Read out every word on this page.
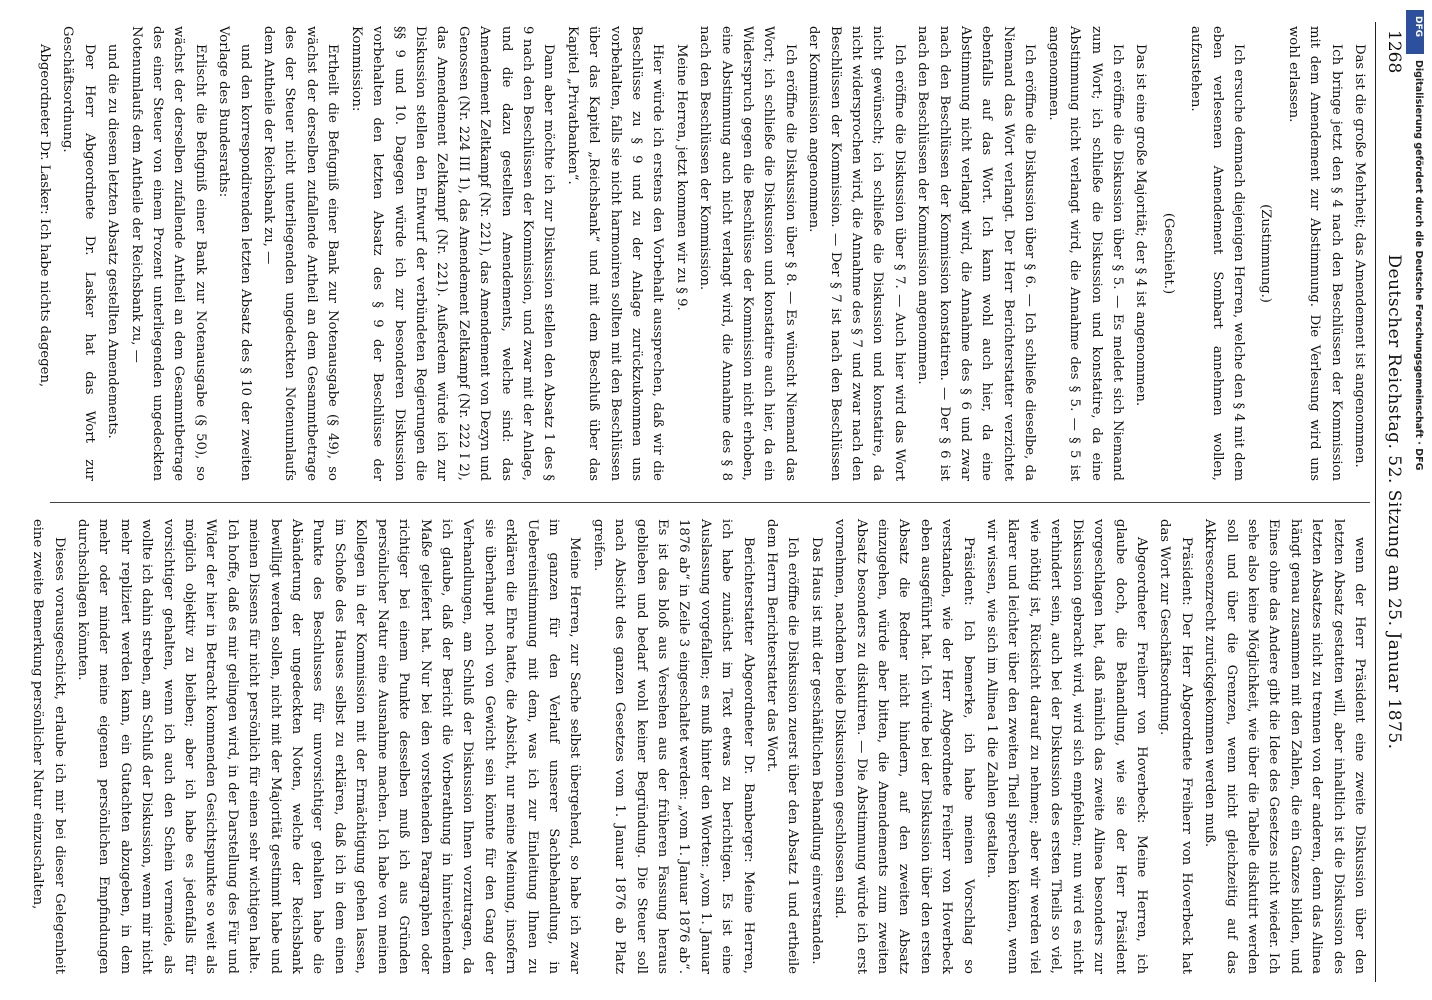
1268
Deutscher Reichstag. 52. Sitzung am 25. Januar 1875.

Das ist die große Mehrheit; das Amendement ist angenommen.

Ich bringe jetzt den § 4 nach den Beschlüssen der Kommission mit dem Amendement zur Abstimmung. Die Verlesung wird uns wohl erlassen.

(Zustimmung.)

Ich ersuche demnach diejenigen Herren, welche den § 4 mit dem eben verlesenen Amendement Sombart annehmen wollen, aufzustehen.

(Geschieht.)

Das ist eine große Majorität; der § 4 ist angenommen.

Ich eröffne die Diskussion über § 5. — Es meldet sich Niemand zum Wort; ich schließe die Diskussion und konstatire, da eine Abstimmung nicht verlangt wird, die Annahme des § 5. — § 5 ist angenommen.

Ich eröffne die Diskussion über § 6. — Ich schließe dieselbe, da Niemand das Wort verlangt. Der Herr Berichterstatter verzichtet ebenfalls auf das Wort. Ich kann wohl auch hier, da eine Abstimmung nicht verlangt wird, die Annahme des § 6 und zwar nach den Beschlüssen der Kommission konstatiren. — Der § 6 ist nach den Beschlüssen der Kommission angenommen.

Ich eröffne die Diskussion über § 7. — Auch hier wird das Wort nicht gewünscht; ich schließe die Diskussion und konstatire, da nicht widersprochen wird, die Annahme des § 7 und zwar nach den Beschlüssen der Kommission. — Der § 7 ist nach den Beschlüssen der Kommission angenommen.

Ich eröffne die Diskussion über § 8. — Es wünscht Niemand das Wort; ich schließe die Diskussion und konstatire auch hier, da ein Widerspruch gegen die Beschlüsse der Kommission nicht erhoben, eine Abstimmung auch nicht verlangt wird, die Annahme des § 8 nach den Beschlüssen der Kommission.

Meine Herren, jetzt kommen wir zu § 9.

Hier würde ich erstens den Vorbehalt aussprechen, daß wir die Beschlüsse zu § 9 und zu der Anlage zurückzukommen uns vorbehalten, falls sie nicht harmoniren sollten mit den Beschlüssen über das Kapitel „Reichsbank“ und mit dem Beschluß über das Kapitel „Privatbanken“.

Dann aber möchte ich zur Diskussion stellen den Absatz 1 des § 9 nach den Beschlüssen der Kommission, und zwar mit der Anlage, und die dazu gestellten Amendements, welche sind: das Amendement Zeltkampf (Nr. 221), das Amendement von Dezyn und Genossen (Nr. 224 III 1), das Amendement Zeltkampf (Nr. 222 I 2), das Amendement Zeltkampf (Nr. 221). Außerdem würde ich zur Diskussion stellen den Entwurf der verbündeten Regierungen die §§ 9 und 10. Dagegen würde ich zur besonderen Diskussion vorbehalten den letzten Absatz des § 9 der Beschlüsse der Kommission:

Ertheilt die Befugniß einer Bank zur Notenausgabe (§ 49), so wächst der derselben zufallende Antheil an dem Gesammtbetrage des der Steuer nicht unterliegenden ungedeckten Notenumlaufs dem Antheile der Reichsbank zu, —

und den korrespondirenden letzten Absatz des § 10 der zweiten Vorlage des Bundesraths:

Erlischt die Befugniß einer Bank zur Notenausgabe (§ 50), so wächst der derselben zufallende Antheil an dem Gesammtbetrage des einer Steuer von einem Prozent unterliegenden ungedeckten Notenumlaufs dem Antheile der Reichsbank zu, —

und die zu diesem letzten Absatz gestellten Amendements.

Der Herr Abgeordnete Dr. Lasker hat das Wort zur Geschäftsordnung.

Abgeordneter Dr. Lasker: Ich habe nichts dagegen,

wenn der Herr Präsident eine zweite Diskussion über den letzten Absatz gestatten will, aber inhaltlich ist die Diskussion des letzten Absatzes nicht zu trennen von der anderen, denn das Alinea hängt genau zusammen mit den Zahlen, die ein Ganzes bilden, und Eines ohne das Andere gibt die Idee des Gesetzes nicht wieder. Ich sehe also keine Möglichkeit, wie über die Tabelle diskutirt werden soll und über die Grenzen, wenn nicht gleichzeitig auf das Akkrescenzrecht zurückgekommen werden muß.

Präsident: Der Herr Abgeordnete Freiherr von Hoverbeck hat das Wort zur Geschäftsordnung.

Abgeordneter Freiherr von Hoverbeck: Meine Herren, ich glaube doch, die Behandlung, wie sie der Herr Präsident vorgeschlagen hat, daß nämlich das zweite Alinea besonders zur Diskussion gebracht wird, wird sich empfehlen; nun wird es nicht verhindert sein, auch bei der Diskussion des ersten Theils so viel, wie nöthig ist, Rücksicht darauf zu nehmen; aber wir werden viel klarer und leichter über den zweiten Theil sprechen können, wenn wir wissen, wie sich im Alinea 1 die Zahlen gestalten.

Präsident: Ich bemerke, ich habe meinen Vorschlag so verstanden, wie der Herr Abgeordnete Freiherr von Hoverbeck eben ausgeführt hat. Ich würde bei der Diskussion über den ersten Absatz die Redner nicht hindern, auf den zweiten Absatz einzugehen, würde aber bitten, die Amendements zum zweiten Absatz besonders zu diskutiren. — Die Abstimmung würde ich erst vornehmen, nachdem beide Diskussionen geschlossen sind.

Das Haus ist mit der geschäftlichen Behandlung einverstanden.

Ich eröffne die Diskussion zuerst über den Absatz 1 und ertheile dem Herrn Berichterstatter das Wort.

Berichterstatter Abgeordneter Dr. Bamberger: Meine Herren, ich habe zunächst im Text etwas zu berichtigen. Es ist eine Auslassung vorgefallen; es muß hinter den Worten: „vom 1. Januar 1876 ab“ in Zeile 3 eingeschaltet werden: „vom 1. Januar 1876 ab“. Es ist das bloß aus Versehen aus der früheren Fassung heraus geblieben und bedarf wohl keiner Begründung. Die Steuer soll nach Absicht des ganzen Gesetzes vom 1. Januar 1876 ab Platz greifen.

Meine Herren, zur Sache selbst übergehend, so habe ich zwar im ganzen für den Verlauf unserer Sachbehandlung, in Uebereinstimmung mit dem, was ich zur Einleitung Ihnen zu erklären die Ehre hatte, die Absicht, nur meine Meinung, insofern sie überhaupt noch von Gewicht sein könnte für den Gang der Verhandlungen, am Schluß der Diskussion Ihnen vorzutragen, da ich glaube, daß der Bericht die Vorberathung in hinreichendem Maße geliefert hat. Nur bei den vorstehenden Paragraphen oder richtiger bei einem Punkte desselben muß ich aus Gründen persönlicher Natur eine Ausnahme machen. Ich habe von meinen Kollegen in der Kommission mit der Ermächtigung gehen lassen, im Schoße des Hauses selbst zu erklären, daß ich in dem einen Punkte des Beschlusses für unvorsichtiger gehalten habe die Abänderung der ungedeckten Noten, welche der Reichsbank bewilligt werden sollen, nicht mit der Majorität gestimmt habe und meinen Dissens für nicht persönlich für einen sehr wichtigen halte. Ich hoffe, daß es mir gelingen wird, in der Darstellung des Für und Wider der hier in Betracht kommenden Gesichtspunkte so weit als möglich objektiv zu bleiben; aber ich habe es jedenfalls für vorsichtiger gehalten, wenn ich auch den Schein vermeide, als wollte ich dahin streben, am Schluß der Diskussion, wenn mir nicht mehr repliziert werden kann, ein Gutachten abzugeben, in dem mehr oder minder meine eigenen persönlichen Empfindungen durchschlagen könnten.

Dieses vorausgeschickt, erlaube ich mir bei dieser Gelegenheit eine zweite Bemerkung persönlicher Natur einzuschalten,

DFG
Digitalisierung gefördert durch die Deutsche Forschungsgemeinschaft · DFG
